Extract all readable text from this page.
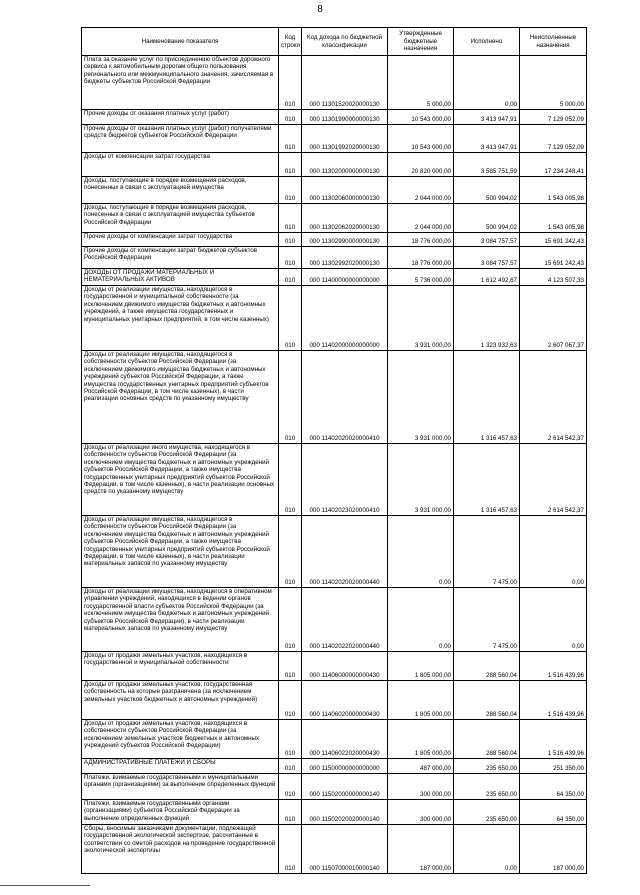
8
Наименование показателя	Код строки	Код дохода по бюджетной классификации	Утвержденные бюджетные назначения	Исполнено	Неисполненные назначения
Плата за оказание услуг по присоединению объектов дорожного сервиса к автомобильным дорогам общего пользования регионального или межмуниципального значения, зачисляемая в бюджеты субъектов Российской Федерации	010	000 11301520020000130	5 000,00	0,00	5 000,00
Прочие доходы от оказания платных услуг (работ)	010	000 11301990000000130	10 543 000,00	3 413 947,91	7 129 052,09
Прочие доходы от оказания платных услуг (работ) получателями средств бюджетов субъектов Российской Федерации	010	000 11301992020000130	10 543 000,00	3 413 947,91	7 129 052,09
Доходы от компенсации затрат государства	010	000 11302000000000130	20 820 000,00	3 585 751,59	17 234 248,41
Доходы, поступающие в порядке возмещения расходов, понесенных в связи с эксплуатацией имущества	010	000 11302060000000130	2 044 000,00	500 994,02	1 543 005,98
Доходы, поступающие в порядке возмещения расходов, понесенных в связи с эксплуатацией имущества субъектов Российской Федерации	010	000 11302062020000130	2 044 000,00	500 994,02	1 543 005,98
Прочие доходы от компенсации затрат государства	010	000 11302990000000130	18 776 000,00	3 084 757,57	15 691 242,43
Прочие доходы от компенсации затрат бюджетов субъектов Российской Федерации	010	000 11302992020000130	18 776 000,00	3 084 757,57	15 691 242,43
ДОХОДЫ ОТ ПРОДАЖИ МАТЕРИАЛЬНЫХ И НЕМАТЕРИАЛЬНЫХ АКТИВОВ	010	000 11400000000000000	5 736 000,00	1 612 492,67	4 123 507,33
Доходы от реализации имущества, находящегося в государственной и муниципальной собственности (за исключением движимого имущества бюджетных и автономных учреждений, а также имущества государственных и муниципальных унитарных предприятий, в том числе казенных)	010	000 11402000000000000	3 931 000,00	1 323 932,63	2 607 067,37
Доходы от реализации имущества, находящегося в собственности субъектов Российской Федерации (за исключением движимого имущества бюджетных и автономных учреждений субъектов Российской Федерации, а также имущества государственных унитарных предприятий субъектов Российской Федерации, в том числе казенных), в части реализации основных средств по указанному имуществу	010	000 11402020020000410	3 931 000,00	1 316 457,63	2 614 542,37
Доходы от реализации иного имущества, находящегося в собственности субъектов Российской Федерации (за исключением имущества бюджетных и автономных учреждений субъектов Российской Федерации, а также имущества государственных унитарных предприятий субъектов Российской Федерации, в том числе казенных), в части реализации основных средств по указанному имуществу	010	000 11402023020000410	3 931 000,00	1 316 457,63	2 614 542,37
Доходы от реализации имущества, находящегося в собственности субъектов Российской Федерации (за исключением имущества бюджетных и автономных учреждений субъектов Российской Федерации, а также имущества государственных унитарных предприятий субъектов Российской Федерации, в том числе казенных), в части реализации материальных запасов по указанному имуществу	010	000 11402020020000440	0,00	7 475,00	0,00
Доходы от реализации имущества, находящегося в оперативном управлении учреждений, находящихся в ведении органов государственной власти субъектов Российской Федерации (за исключением имущества бюджетных и автономных учреждений субъектов Российской Федерации), в части реализации материальных запасов по указанному имуществу	010	000 11402022020000440	0,00	7 475,00	0,00
Доходы от продажи земельных участков, находящихся в государственной и муниципальной собственности	010	000 11406000000000430	1 805 000,00	288 560,04	1 516 439,96
Доходы от продажи земельных участков, государственная собственность на которые разграничена (за исключением земельных участков бюджетных и автономных учреждений)	010	000 11406020000000430	1 805 000,00	288 560,04	1 516 439,96
Доходы от продажи земельных участков, находящихся в собственности субъектов Российской Федерации (за исключением земельных участков бюджетных и автономных учреждений субъектов Российской Федерации)	010	000 11406022020000430	1 805 000,00	288 560,04	1 516 439,96
АДМИНИСТРАТИВНЫЕ ПЛАТЕЖИ И СБОРЫ	010	000 11500000000000000	487 000,00	235 650,00	251 350,00
Платежи, взимаемые государственными и муниципальными органами (организациями) за выполнение определенных функций	010	000 11502000000000140	300 000,00	235 650,00	64 350,00
Платежи, взимаемые государственными органами (организациями) субъектов Российской Федерации за выполнение определенных функций	010	000 11502020020000140	300 000,00	235 650,00	64 350,00
Сборы, вносимые заказчиками документации, подлежащей государственной экологической экспертизе, рассчитанные в соответствии со сметой расходов на проведение государственной экологической экспертизы	010	000 11507000010000140	187 000,00	0,00	187 000,00
